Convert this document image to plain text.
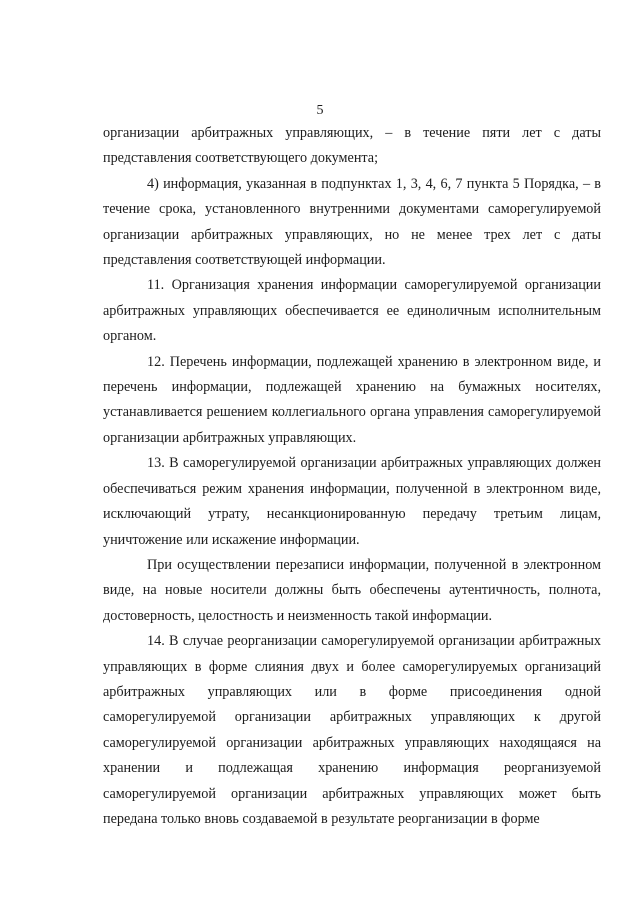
5

организации арбитражных управляющих, – в течение пяти лет с даты представления соответствующего документа;

4) информация, указанная в подпунктах 1, 3, 4, 6, 7 пункта 5 Порядка, – в течение срока, установленного внутренними документами саморегулируемой организации арбитражных управляющих, но не менее трех лет с даты представления соответствующей информации.

11. Организация хранения информации саморегулируемой организации арбитражных управляющих обеспечивается ее единоличным исполнительным органом.

12. Перечень информации, подлежащей хранению в электронном виде, и перечень информации, подлежащей хранению на бумажных носителях, устанавливается решением коллегиального органа управления саморегулируемой организации арбитражных управляющих.

13. В саморегулируемой организации арбитражных управляющих должен обеспечиваться режим хранения информации, полученной в электронном виде, исключающий утрату, несанкционированную передачу третьим лицам, уничтожение или искажение информации.

При осуществлении перезаписи информации, полученной в электронном виде, на новые носители должны быть обеспечены аутентичность, полнота, достоверность, целостность и неизменность такой информации.

14. В случае реорганизации саморегулируемой организации арбитражных управляющих в форме слияния двух и более саморегулируемых организаций арбитражных управляющих или в форме присоединения одной саморегулируемой организации арбитражных управляющих к другой саморегулируемой организации арбитражных управляющих находящаяся на хранении и подлежащая хранению информация реорганизуемой саморегулируемой организации арбитражных управляющих может быть передана только вновь создаваемой в результате реорганизации в форме
